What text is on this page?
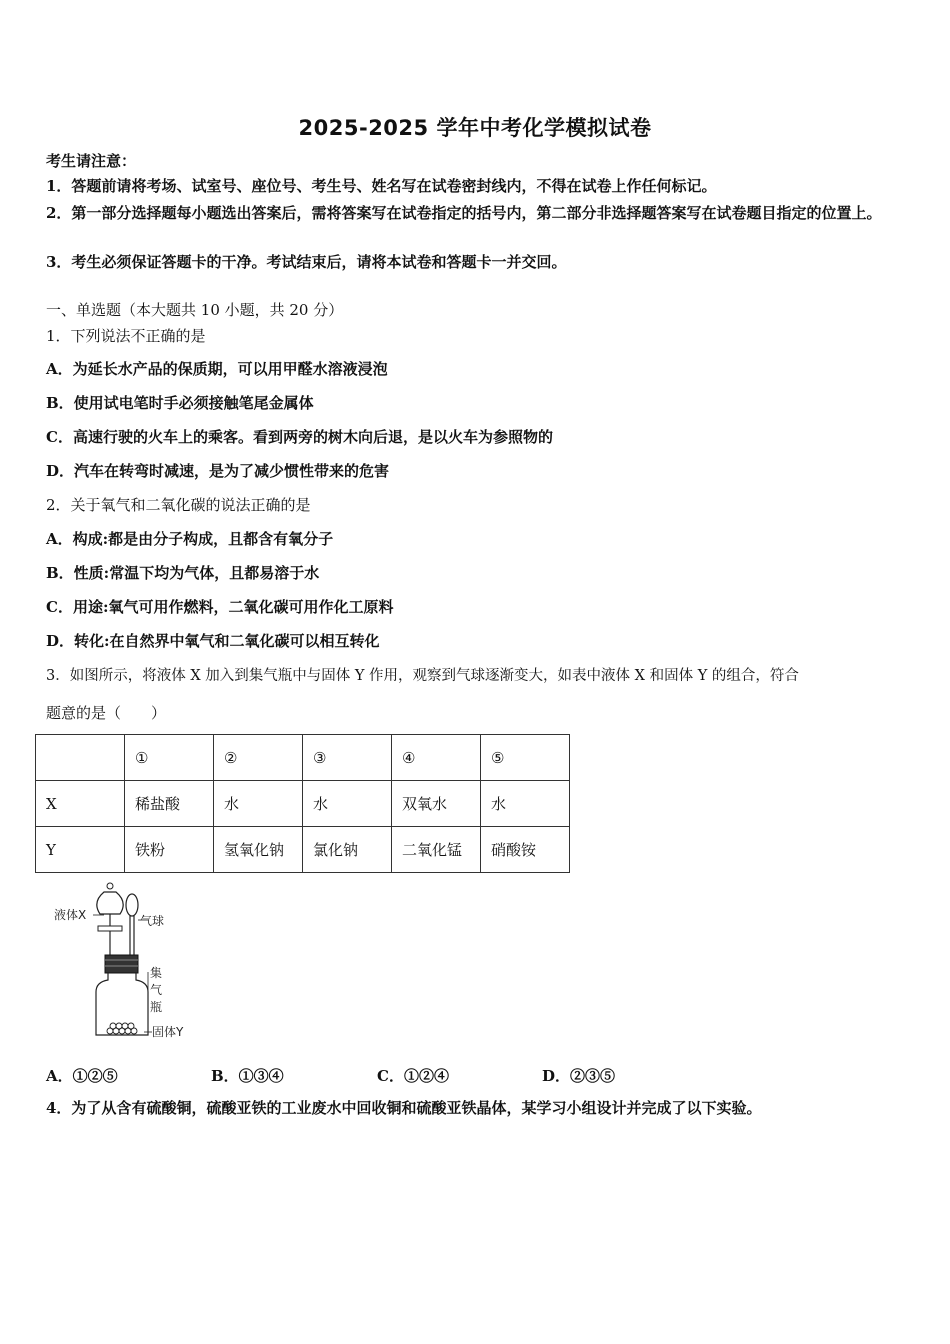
2025-2025 学年中考化学模拟试卷
考生请注意：
1．答题前请将考场、试室号、座位号、考生号、姓名写在试卷密封线内，不得在试卷上作任何标记。
2．第一部分选择题每小题选出答案后，需将答案写在试卷指定的括号内，第二部分非选择题答案写在试卷题目指定的位置上。
3．考生必须保证答题卡的干净。考试结束后，请将本试卷和答题卡一并交回。
一、单选题（本大题共 10 小题，共 20 分）
1．下列说法不正确的是
A．为延长水产品的保质期，可以用甲醛水溶液浸泡
B．使用试电笔时手必须接触笔尾金属体
C．高速行驶的火车上的乘客。看到两旁的树木向后退，是以火车为参照物的
D．汽车在转弯时减速，是为了减少惯性带来的危害
2．关于氧气和二氧化碳的说法正确的是
A．构成:都是由分子构成，且都含有氧分子
B．性质:常温下均为气体，且都易溶于水
C．用途:氧气可用作燃料，二氧化碳可用作化工原料
D．转化:在自然界中氧气和二氧化碳可以相互转化
3．如图所示，将液体 X 加入到集气瓶中与固体 Y 作用，观察到气球逐渐变大，如表中液体 X 和固体 Y 的组合，符合
题意的是（　　）
	①	②	③	④	⑤
X	稀盐酸	水	水	双氧水	水
Y	铁粉	氢氧化钠	氯化钠	二氧化锰	硝酸铵
液体X	气球
集
气
瓶
固体Y
A．①②⑤	B．①③④	C．①②④	D．②③⑤
4．为了从含有硫酸铜，硫酸亚铁的工业废水中回收铜和硫酸亚铁晶体，某学习小组设计并完成了以下实验。
